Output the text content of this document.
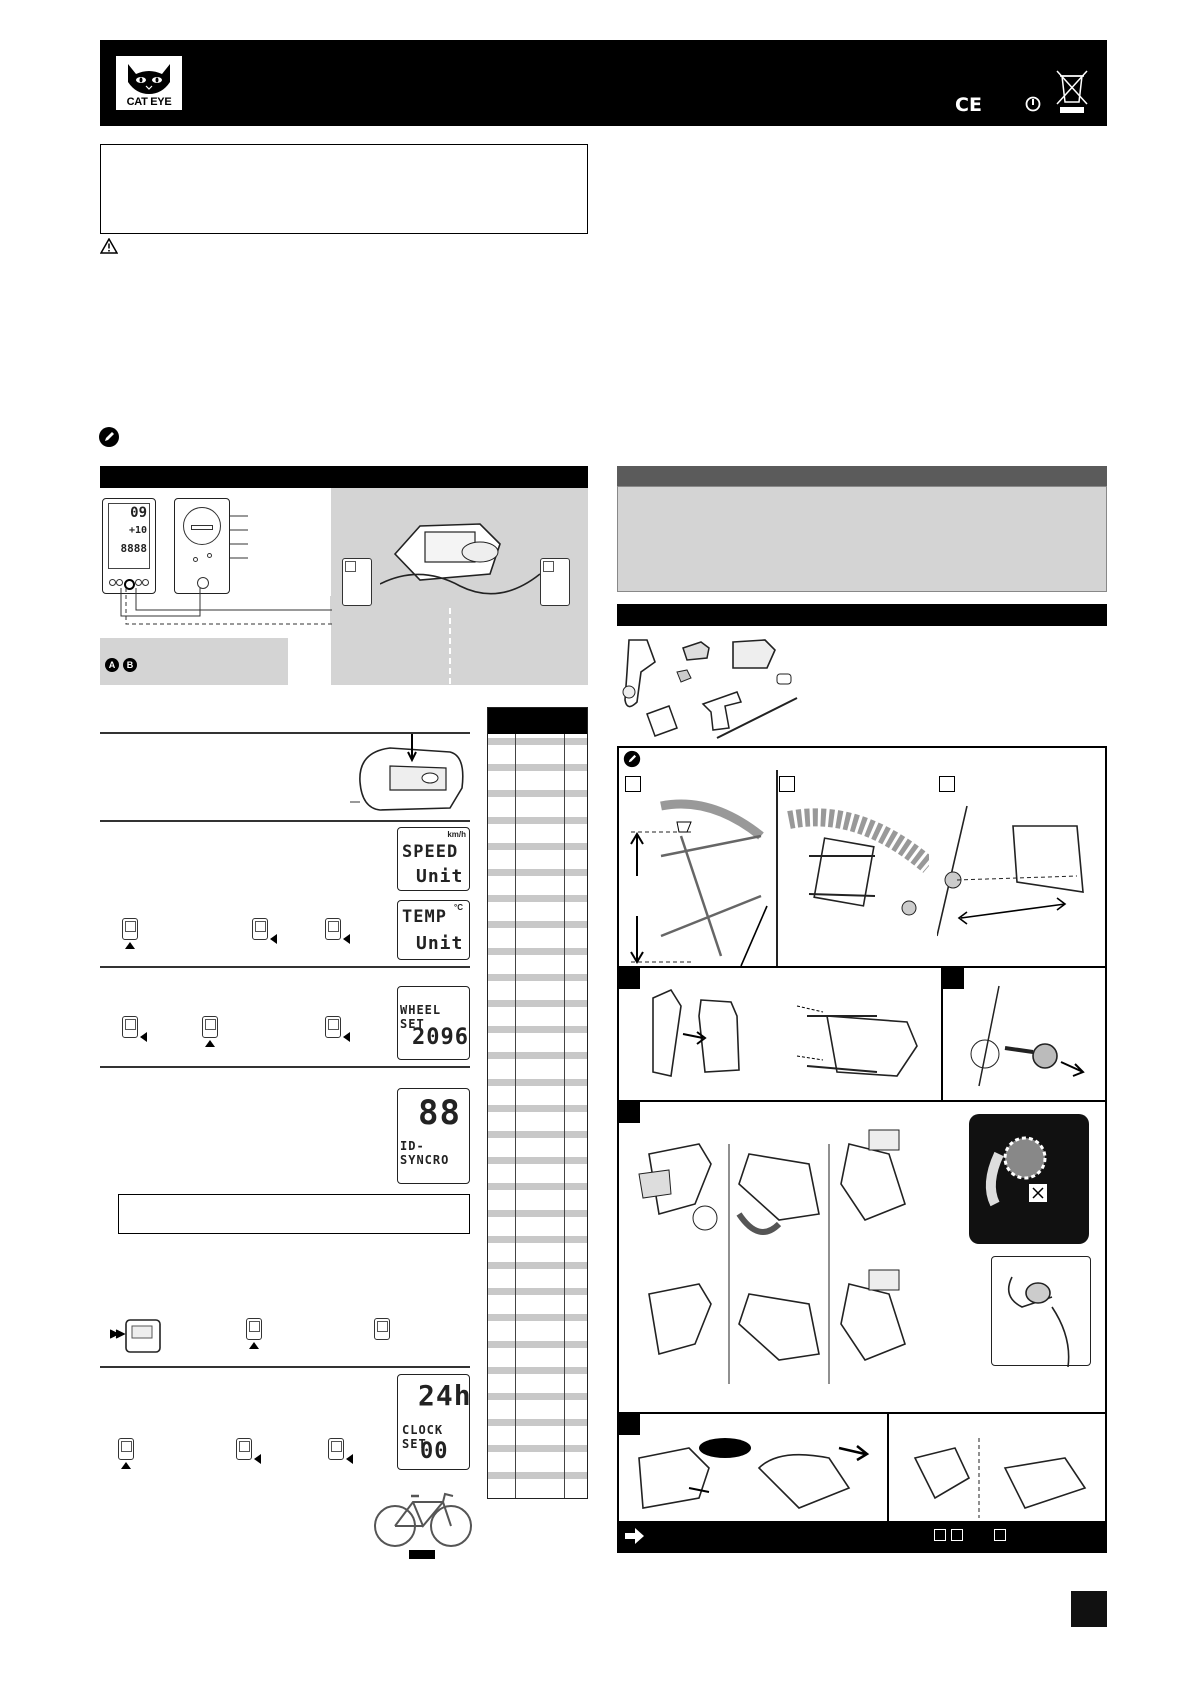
CAT EYE	CE
09
+10
8888
A	B
km/h
SPEED
Unit
°C
TEMP
Unit
WHEEL SET
2096
88
ID-SYNCRO
24h
CLOCK SET
00
